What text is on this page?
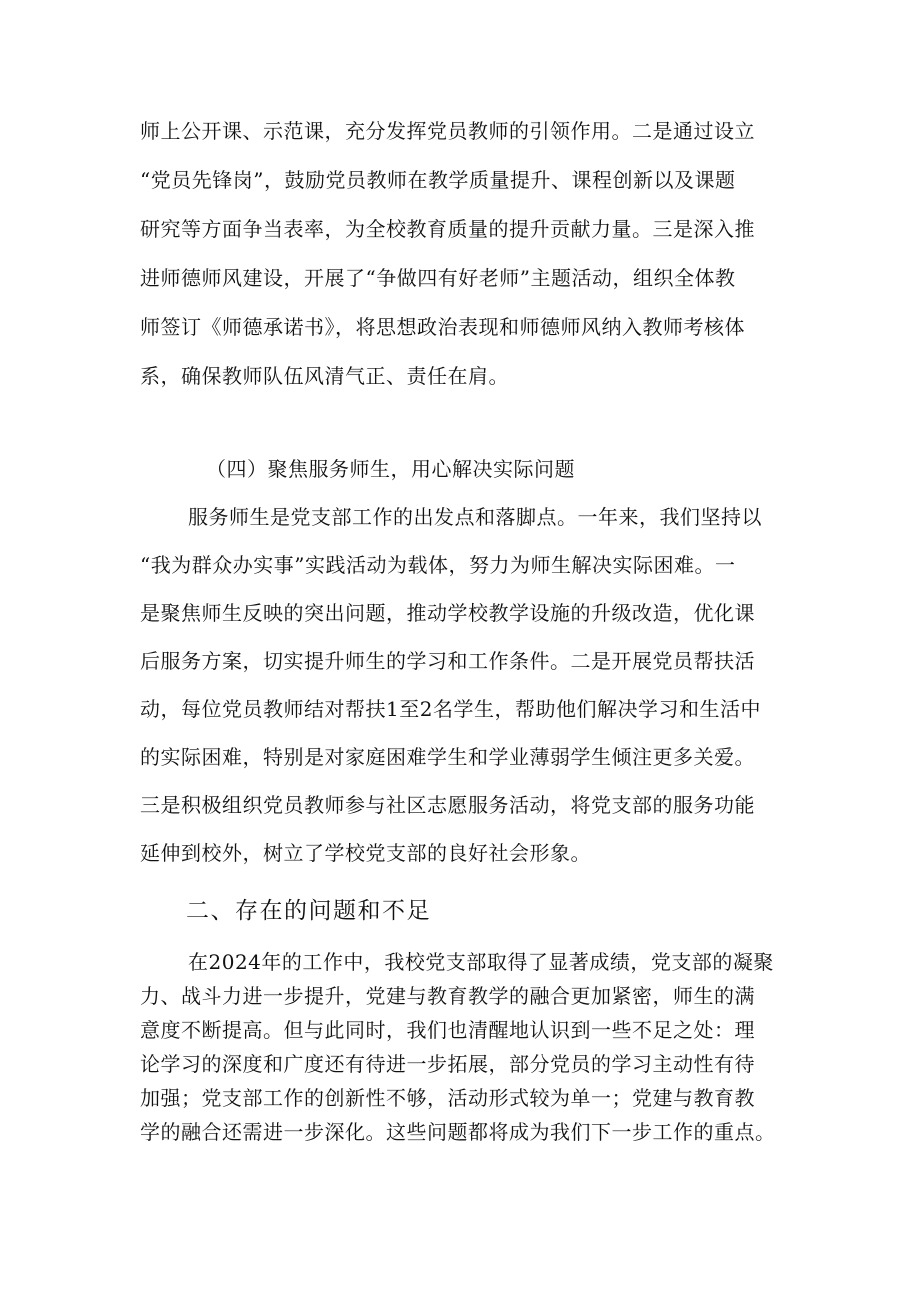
师上公开课、示范课，充分发挥党员教师的引领作用。二是通过设立
“党员先锋岗”，鼓励党员教师在教学质量提升、课程创新以及课题
研究等方面争当表率，为全校教育质量的提升贡献力量。三是深入推
进师德师风建设，开展了“争做四有好老师”主题活动，组织全体教
师签订《师德承诺书》，将思想政治表现和师德师风纳入教师考核体
系，确保教师队伍风清气正、责任在肩。
（四）聚焦服务师生，用心解决实际问题
服务师生是党支部工作的出发点和落脚点。一年来，我们坚持以
“我为群众办实事”实践活动为载体，努力为师生解决实际困难。一
是聚焦师生反映的突出问题，推动学校教学设施的升级改造，优化课
后服务方案，切实提升师生的学习和工作条件。二是开展党员帮扶活
动，每位党员教师结对帮扶1至2名学生，帮助他们解决学习和生活中
的实际困难，特别是对家庭困难学生和学业薄弱学生倾注更多关爱。
三是积极组织党员教师参与社区志愿服务活动，将党支部的服务功能
延伸到校外，树立了学校党支部的良好社会形象。
二、存在的问题和不足
在2024年的工作中，我校党支部取得了显著成绩，党支部的凝聚
力、战斗力进一步提升，党建与教育教学的融合更加紧密，师生的满
意度不断提高。但与此同时，我们也清醒地认识到一些不足之处：理
论学习的深度和广度还有待进一步拓展，部分党员的学习主动性有待
加强；党支部工作的创新性不够，活动形式较为单一；党建与教育教
学的融合还需进一步深化。这些问题都将成为我们下一步工作的重点。
